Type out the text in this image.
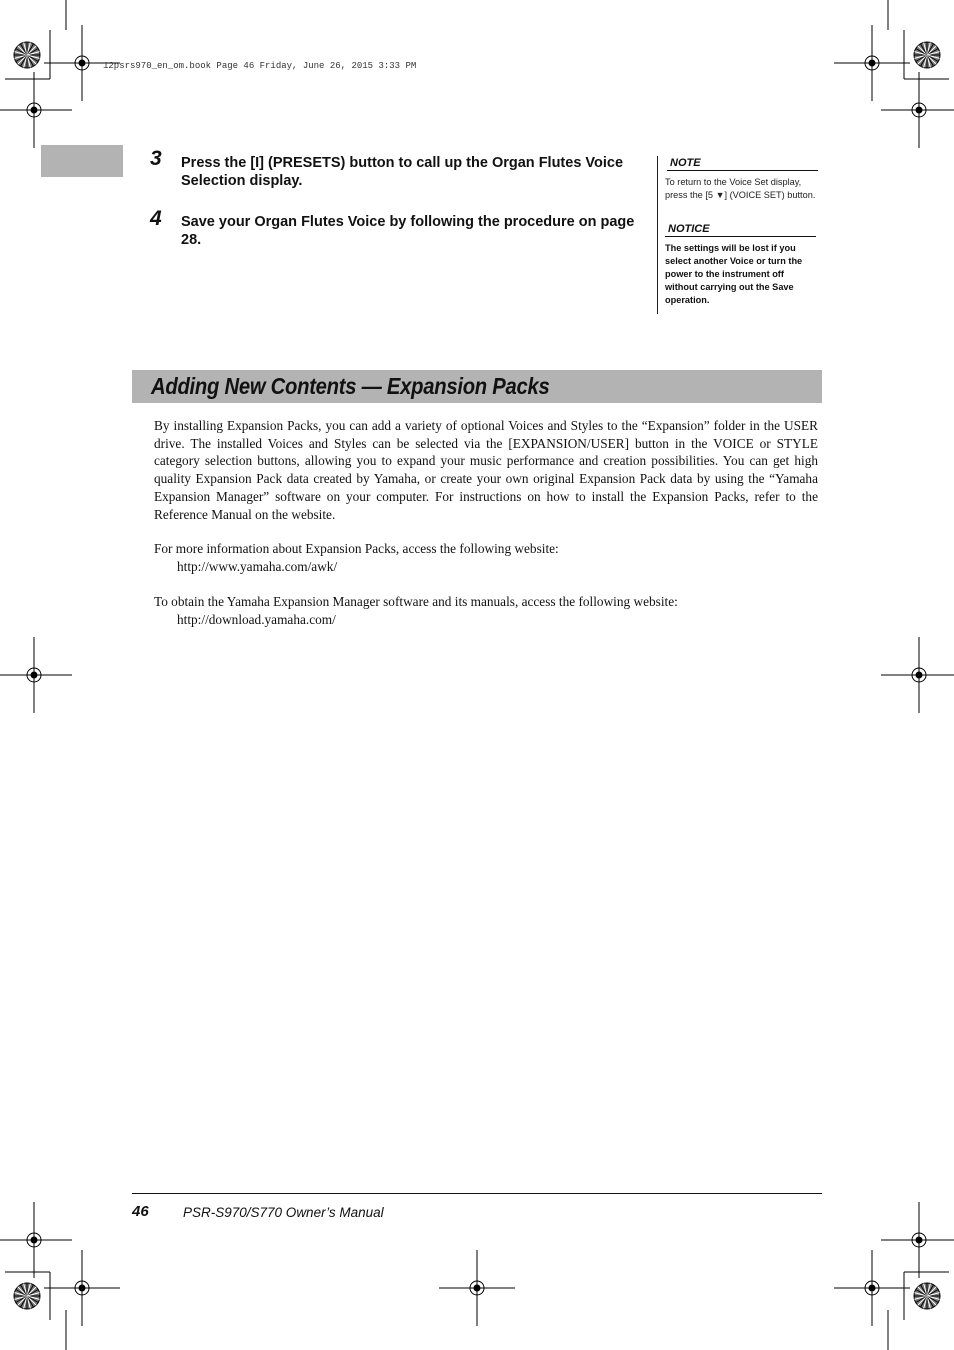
12psrs970_en_om.book Page 46 Friday, June 26, 2015 3:33 PM
3 Press the [I] (PRESETS) button to call up the Organ Flutes Voice Selection display.
4 Save your Organ Flutes Voice by following the procedure on page 28.
NOTE
To return to the Voice Set display, press the [5 ▼] (VOICE SET) button.
NOTICE
The settings will be lost if you select another Voice or turn the power to the instrument off without carrying out the Save operation.
Adding New Contents — Expansion Packs
By installing Expansion Packs, you can add a variety of optional Voices and Styles to the “Expansion” folder in the USER drive. The installed Voices and Styles can be selected via the [EXPANSION/USER] button in the VOICE or STYLE category selection buttons, allowing you to expand your music performance and creation possibilities. You can get high quality Expansion Pack data created by Yamaha, or create your own original Expansion Pack data by using the “Yamaha Expansion Manager” software on your computer. For instructions on how to install the Expansion Packs, refer to the Reference Manual on the website.
For more information about Expansion Packs, access the following website:
http://www.yamaha.com/awk/
To obtain the Yamaha Expansion Manager software and its manuals, access the following website:
http://download.yamaha.com/
46	PSR-S970/S770 Owner’s Manual
